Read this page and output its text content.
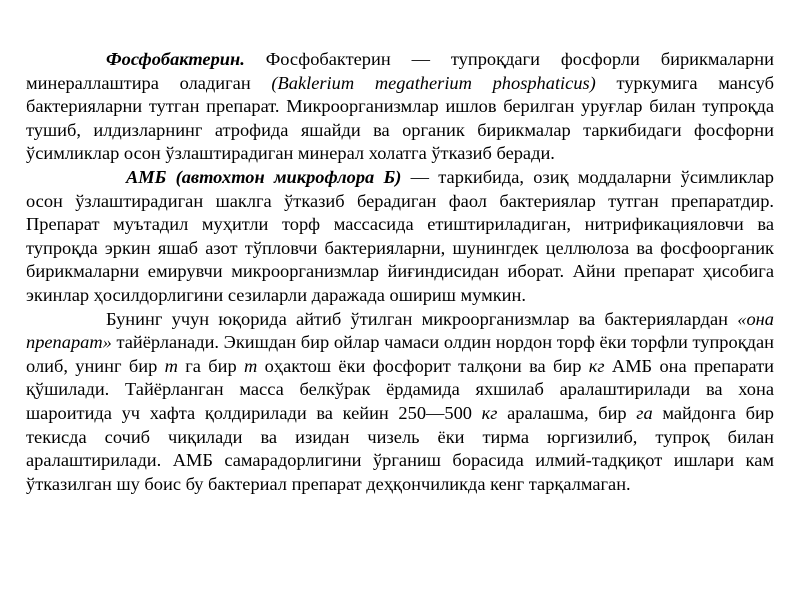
Фосфобактерин. Фосфобактерин — тупроқдаги фосфорли бирикмаларни минераллаштира оладиган (Baklerium megatherium phosphaticus) туркумига мансуб бактерияларни тутган препарат. Микроорганизмлар ишлов берилган уруғлар билан тупроқда тушиб, илдизларнинг атрофида яшайди ва органик бирикмалар таркибидаги фосфорни ўсимликлар осон ўзлаштирадиган минерал холатга ўтказиб беради.

АМБ (автохтон микрофлора Б) — таркибида, озиқ моддаларни ўсимликлар осон ўзлаштирадиган шаклга ўтказиб берадиган фаол бактериялар тутган препаратдир. Препарат муътадил муҳитли торф массасида етиштириладиган, нитрификацияловчи ва тупроқда эркин яшаб азот тўпловчи бактерияларни, шунингдек целлюлоза ва фосфоорганик бирикмаларни емирувчи микроорганизмлар йиғиндисидан иборат. Айни препарат ҳисобига экинлар ҳосилдорлигини сезиларли даражада ошириш мумкин.

Бунинг учун юқорида айтиб ўтилган микроорганизмлар ва бактериялардан «она препарат» тайёрланади. Экишдан бир ойлар чамаси олдин нордон торф ёки торфли тупроқдан олиб, унинг бир т га бир т оҳактош ёки фосфорит талқони ва бир кг АМБ она препарати қўшилади. Тайёрланган масса белкўрак ёрдамида яхшилаб аралаштирилади ва хона шароитида уч хафта қолдирилади ва кейин 250—500 кг аралашма, бир га майдонга бир текисда сочиб чиқилади ва изидан чизель ёки тирма юргизилиб, тупроқ билан аралаштирилади. АМБ самарадорлигини ўрганиш борасида илмий-тадқиқот ишлари кам ўтказилган шу боис бу бактериал препарат деҳқончиликда кенг тарқалмаган.
